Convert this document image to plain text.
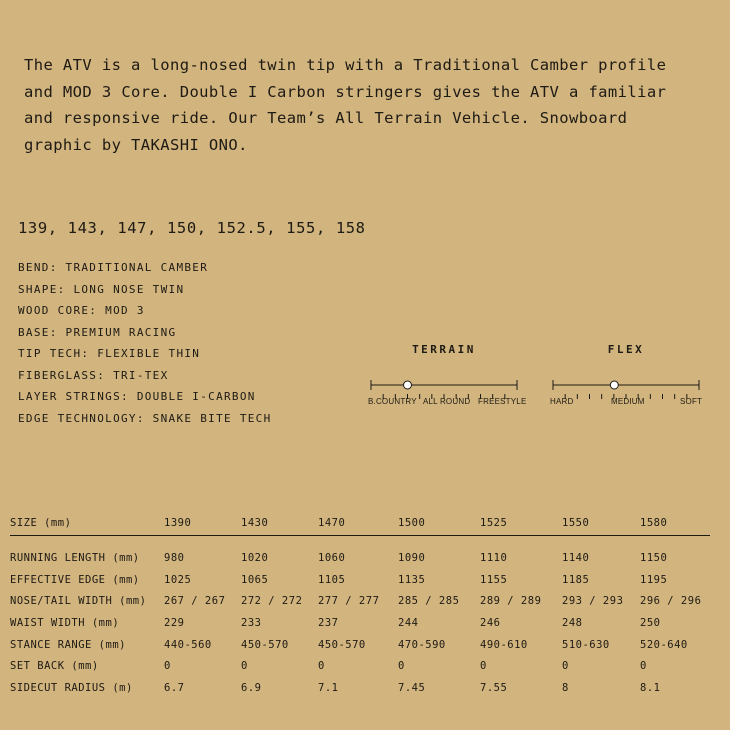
The ATV is a long-nosed twin tip with a Traditional Camber profile and MOD 3 Core. Double I Carbon stringers gives the ATV a familiar and responsive ride. Our Team’s All Terrain Vehicle. Snowboard graphic by TAKASHI ONO.

139, 143, 147, 150, 152.5, 155, 158

BEND: TRADITIONAL CAMBER
SHAPE: LONG NOSE TWIN
WOOD CORE: MOD 3
BASE: PREMIUM RACING
TIP TECH: FLEXIBLE THIN
FIBERGLASS: TRI-TEX
LAYER STRINGS: DOUBLE I-CARBON
EDGE TECHNOLOGY: SNAKE BITE TECH
TERRAIN
B.COUNTRY ALL ROUND FREESTYLE
FLEX
HARD	MEDIUM	SOFT
SIZE (mm)	1390	1430	1470	1500	1525	1550	1580
RUNNING LENGTH (mm)	980	1020	1060	1090	1110	1140	1150
EFFECTIVE EDGE (mm)	1025	1065	1105	1135	1155	1185	1195
NOSE/TAIL WIDTH (mm)	267 / 267	272 / 272	277 / 277	285 / 285	289 / 289	293 / 293	296 / 296
WAIST WIDTH (mm)	229	233	237	244	246	248	250
STANCE RANGE (mm)	440-560	450-570	450-570	470-590	490-610	510-630	520-640
SET BACK (mm)	0	0	0	0	0	0	0
SIDECUT RADIUS (m)	6.7	6.9	7.1	7.45	7.55	8	8.1
